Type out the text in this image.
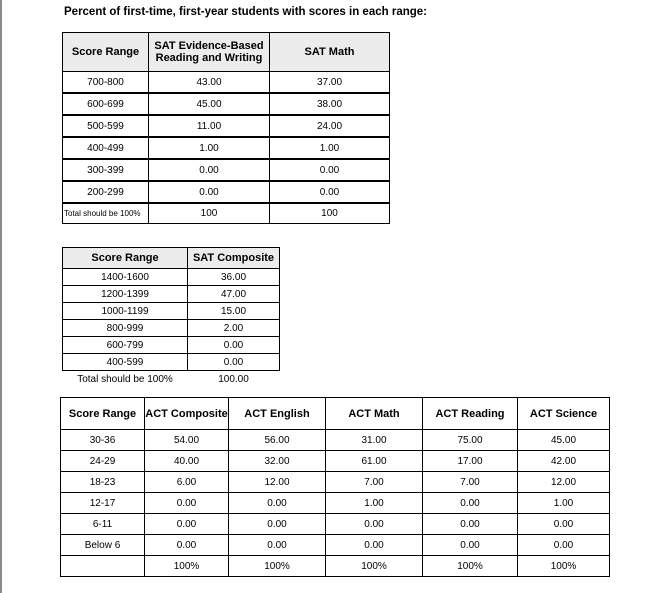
Percent of first-time, first-year students with scores in each range:
Score Range	SAT Evidence-Based Reading and Writing	SAT Math
700-800	43.00	37.00
600-699	45.00	38.00
500-599	11.00	24.00
400-499	1.00	1.00
300-399	0.00	0.00
200-299	0.00	0.00
Total should be 100%	100	100
Score Range	SAT Composite
1400-1600	36.00
1200-1399	47.00
1000-1199	15.00
800-999	2.00
600-799	0.00
400-599	0.00
Total should be 100%	100.00
Score Range	ACT Composite	ACT English	ACT Math	ACT Reading	ACT Science
30-36	54.00	56.00	31.00	75.00	45.00
24-29	40.00	32.00	61.00	17.00	42.00
18-23	6.00	12.00	7.00	7.00	12.00
12-17	0.00	0.00	1.00	0.00	1.00
6-11	0.00	0.00	0.00	0.00	0.00
Below 6	0.00	0.00	0.00	0.00	0.00
	100%	100%	100%	100%	100%
